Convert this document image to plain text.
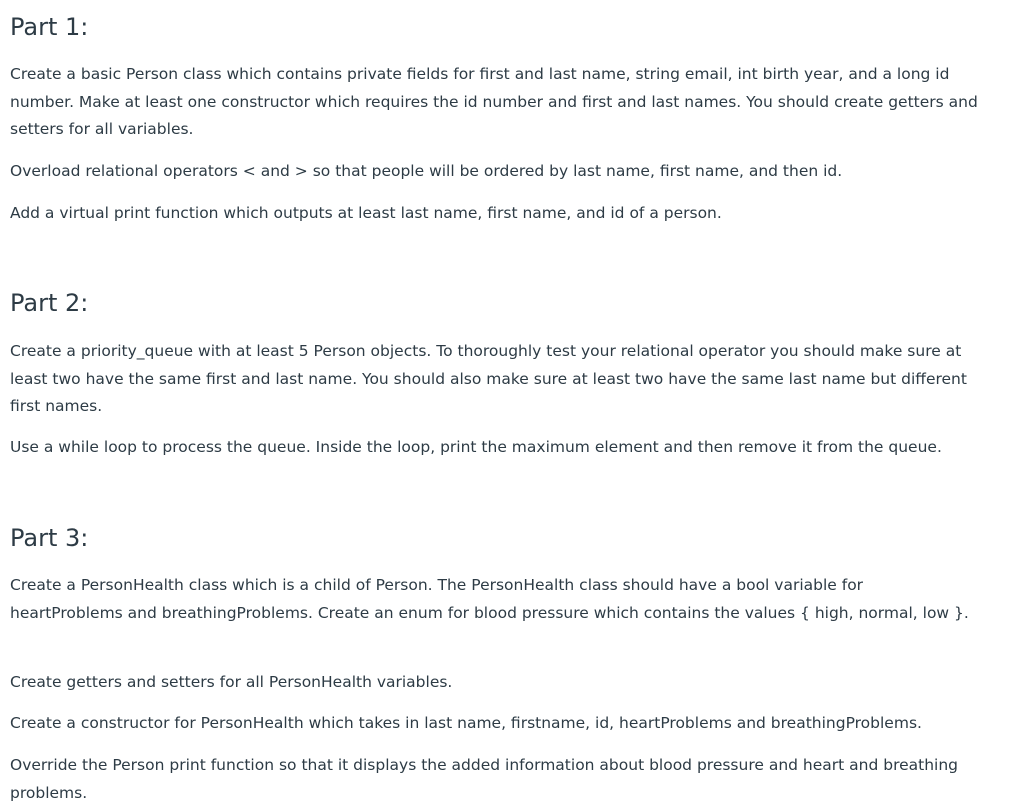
Part 1:

Create a basic Person class which contains private fields for first and last name, string email, int birth year, and a long id number. Make at least one constructor which requires the id number and first and last names. You should create getters and setters for all variables.

Overload relational operators < and > so that people will be ordered by last name, first name, and then id.

Add a virtual print function which outputs at least last name, first name, and id of a person.

Part 2:

Create a priority_queue with at least 5 Person objects. To thoroughly test your relational operator you should make sure at least two have the same first and last name. You should also make sure at least two have the same last name but different first names.

Use a while loop to process the queue. Inside the loop, print the maximum element and then remove it from the queue.

Part 3:

Create a PersonHealth class which is a child of Person. The PersonHealth class should have a bool variable for heartProblems and breathingProblems. Create an enum for blood pressure which contains the values { high, normal, low }.

Create getters and setters for all PersonHealth variables.

Create a constructor for PersonHealth which takes in last name, firstname, id, heartProblems and breathingProblems.

Override the Person print function so that it displays the added information about blood pressure and heart and breathing problems.
